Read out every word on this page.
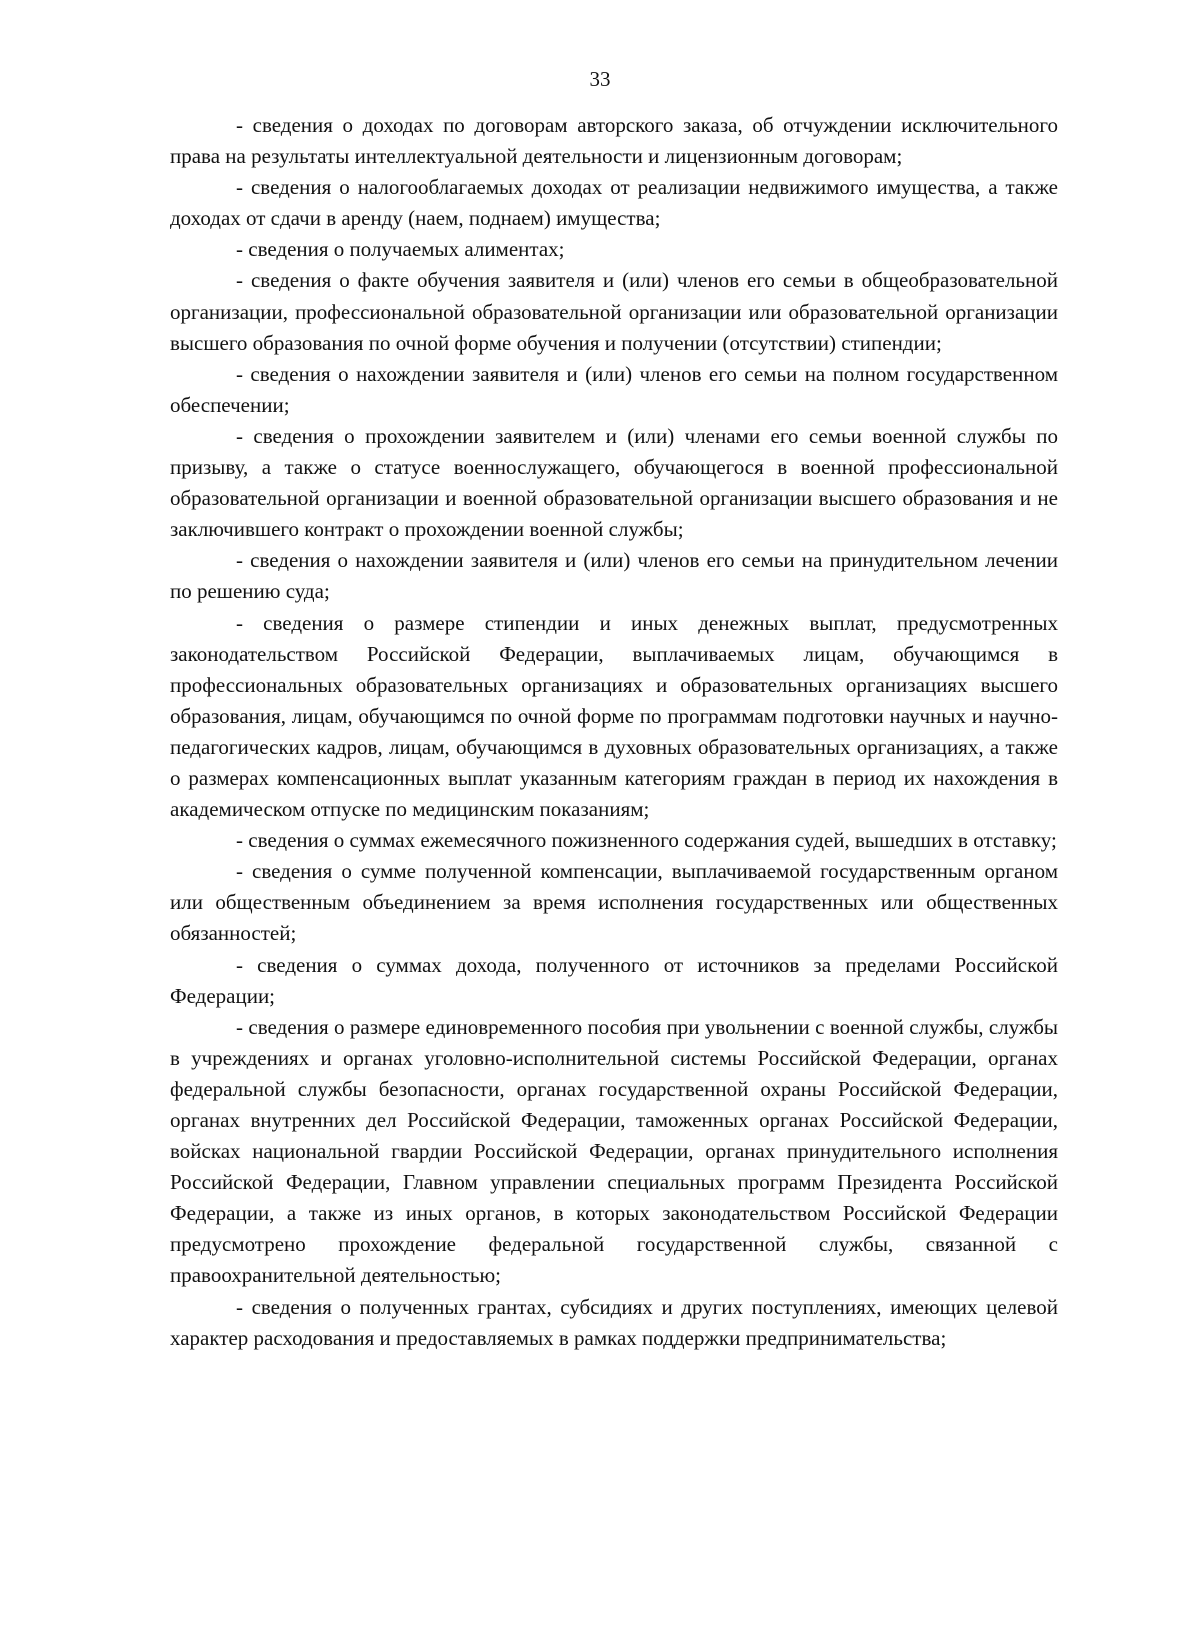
33

- сведения о доходах по договорам авторского заказа, об отчуждении исключительного права на результаты интеллектуальной деятельности и лицензионным договорам;

- сведения о налогооблагаемых доходах от реализации недвижимого имущества, а также доходах от сдачи в аренду (наем, поднаем) имущества;

- сведения о получаемых алиментах;

- сведения о факте обучения заявителя и (или) членов его семьи в общеобразовательной организации, профессиональной образовательной организации или образовательной организации высшего образования по очной форме обучения и получении (отсутствии) стипендии;

- сведения о нахождении заявителя и (или) членов его семьи на полном государственном обеспечении;

- сведения о прохождении заявителем и (или) членами его семьи военной службы по призыву, а также о статусе военнослужащего, обучающегося в военной профессиональной образовательной организации и военной образовательной организации высшего образования и не заключившего контракт о прохождении военной службы;

- сведения о нахождении заявителя и (или) членов его семьи на принудительном лечении по решению суда;

- сведения о размере стипендии и иных денежных выплат, предусмотренных законодательством Российской Федерации, выплачиваемых лицам, обучающимся в профессиональных образовательных организациях и образовательных организациях высшего образования, лицам, обучающимся по очной форме по программам подготовки научных и научно-педагогических кадров, лицам, обучающимся в духовных образовательных организациях, а также о размерах компенсационных выплат указанным категориям граждан в период их нахождения в академическом отпуске по медицинским показаниям;

- сведения о суммах ежемесячного пожизненного содержания судей, вышедших в отставку;

- сведения о сумме полученной компенсации, выплачиваемой государственным органом или общественным объединением за время исполнения государственных или общественных обязанностей;

- сведения о суммах дохода, полученного от источников за пределами Российской Федерации;

- сведения о размере единовременного пособия при увольнении с военной службы, службы в учреждениях и органах уголовно-исполнительной системы Российской Федерации, органах федеральной службы безопасности, органах государственной охраны Российской Федерации, органах внутренних дел Российской Федерации, таможенных органах Российской Федерации, войсках национальной гвардии Российской Федерации, органах принудительного исполнения Российской Федерации, Главном управлении специальных программ Президента Российской Федерации, а также из иных органов, в которых законодательством Российской Федерации предусмотрено прохождение федеральной государственной службы, связанной с правоохранительной деятельностью;

- сведения о полученных грантах, субсидиях и других поступлениях, имеющих целевой характер расходования и предоставляемых в рамках поддержки предпринимательства;
